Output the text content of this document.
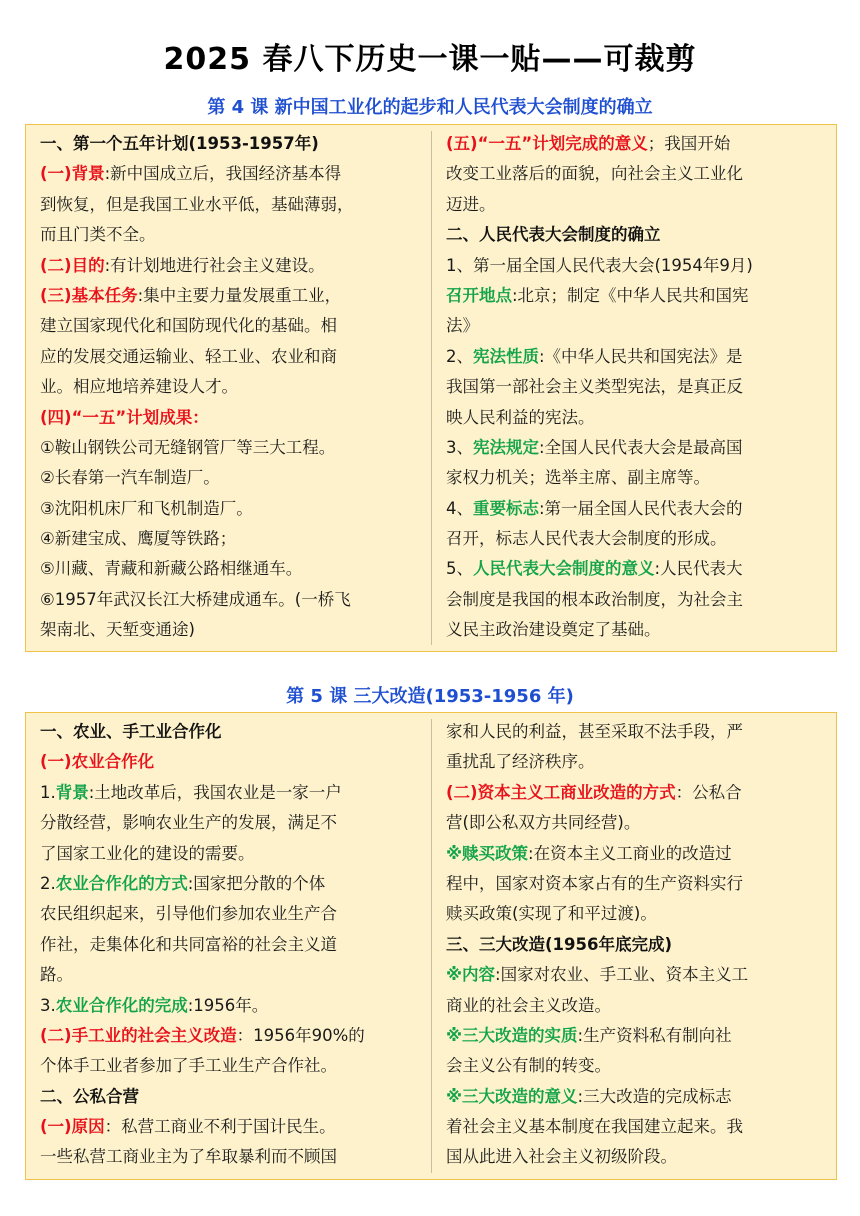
2025 春八下历史一课一贴——可裁剪
第 4 课 新中国工业化的起步和人民代表大会制度的确立
一、第一个五年计划(1953-1957年)
(一)背景:新中国成立后，我国经济基本得
到恢复，但是我国工业水平低，基础薄弱，
而且门类不全。
(二)目的:有计划地进行社会主义建设。
(三)基本任务:集中主要力量发展重工业，
建立国家现代化和国防现代化的基础。相
应的发展交通运输业、轻工业、农业和商
业。相应地培养建设人才。
(四)“一五”计划成果：
①鞍山钢铁公司无缝钢管厂等三大工程。
②长春第一汽车制造厂。
③沈阳机床厂和飞机制造厂。
④新建宝成、鹰厦等铁路；
⑤川藏、青藏和新藏公路相继通车。
⑥1957年武汉长江大桥建成通车。(一桥飞
架南北、天堑变通途)
(五)“一五”计划完成的意义；我国开始
改变工业落后的面貌，向社会主义工业化
迈进。
二、人民代表大会制度的确立
1、第一届全国人民代表大会(1954年9月)
召开地点:北京；制定《中华人民共和国宪
法》
2、宪法性质:《中华人民共和国宪法》是
我国第一部社会主义类型宪法，是真正反
映人民利益的宪法。
3、宪法规定:全国人民代表大会是最高国
家权力机关；选举主席、副主席等。
4、重要标志:第一届全国人民代表大会的
召开，标志人民代表大会制度的形成。
5、人民代表大会制度的意义:人民代表大
会制度是我国的根本政治制度，为社会主
义民主政治建设奠定了基础。
第 5 课 三大改造(1953-1956 年)
一、农业、手工业合作化
(一)农业合作化
1.背景:土地改革后，我国农业是一家一户
分散经营，影响农业生产的发展，满足不
了国家工业化的建设的需要。
2.农业合作化的方式:国家把分散的个体
农民组织起来，引导他们参加农业生产合
作社，走集体化和共同富裕的社会主义道
路。
3.农业合作化的完成:1956年。
(二)手工业的社会主义改造：1956年90%的
个体手工业者参加了手工业生产合作社。
二、公私合营
(一)原因：私营工商业不利于国计民生。
一些私营工商业主为了牟取暴利而不顾国
家和人民的利益，甚至采取不法手段，严
重扰乱了经济秩序。
(二)资本主义工商业改造的方式：公私合
营(即公私双方共同经营)。
※赎买政策:在资本主义工商业的改造过
程中，国家对资本家占有的生产资料实行
赎买政策(实现了和平过渡)。
三、三大改造(1956年底完成)
※内容:国家对农业、手工业、资本主义工
商业的社会主义改造。
※三大改造的实质:生产资料私有制向社
会主义公有制的转变。
※三大改造的意义:三大改造的完成标志
着社会主义基本制度在我国建立起来。我
国从此进入社会主义初级阶段。
